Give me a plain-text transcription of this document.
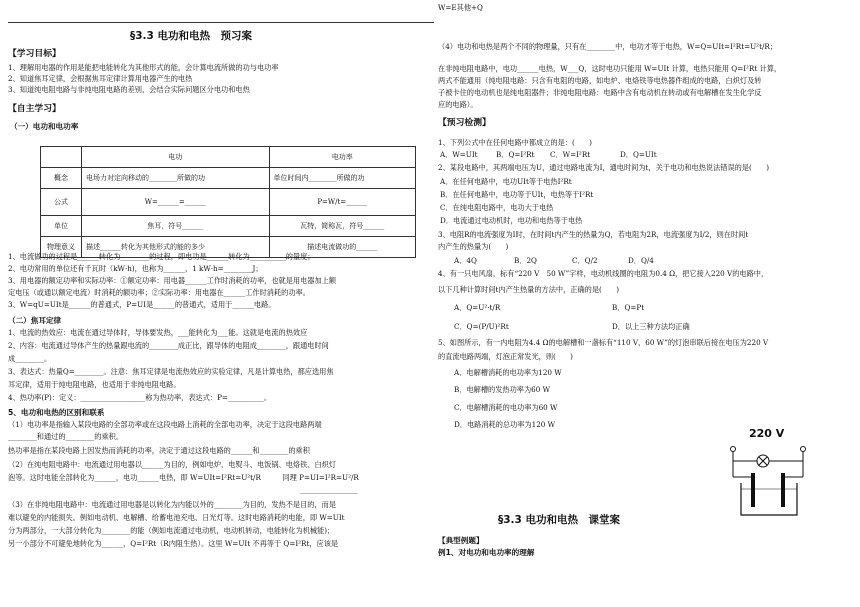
§3.3 电功和电热　预习案
【学习目标】
1、理解用电器的作用是能把电能转化为其他形式的能，会计算电流所做的功与电功率
2、知道焦耳定律，会根据焦耳定律计算用电器产生的电热
3、知道纯电阻电路与非纯电阻电路的差别，会结合实际问题区分电功和电热
【自主学习】
（一）电功和电功率
	电功	电功率
概念	电场力对定向移动的________所做的功	单位时间内________所做的功
公式	W=______=______	P=W/t=______
单位	焦耳，符号______	瓦特，简称瓦，符号______
物理意义	描述______转化为其他形式的能的多少	描述电流做功的______
1、电流做功的过程是______转化为________的过程，即电功是______转化为__________的量度；
2、电功常用的单位还有千瓦时（kW·h)，也称为______，1 kW·h=________J；
3、用电器的额定功率和实际功率：①额定功率：用电器______工作时消耗的功率，也就是用电器加上额
定电压（或通以额定电流）时消耗的额功率；②实际功率：用电器在______工作时消耗的功率。
3、W=qU=UIt是______的普通式，P=UI是______的普通式，适用于______电路。
（二）焦耳定律
1、电流的热效应：电流在通过导体时，导体要发热，___能转化为___能。这就是电流的热效应
2、内容：电流通过导体产生的热量跟电流的________成正比，跟导体的电阻成________，跟通电时间
成________。
3、表达式：热量Q=________。注意：焦耳定律是电流热效应的实验定律，凡是计算电热，都应选用焦
耳定律，适用于纯电阻电路，也适用于非纯电阻电路。
4、热功率(P)：定义：__________________称为热功率，表达式：P=__________。
5、电功和电热的区别和联系
（1）电功率是指输入某段电路的全部功率或在这段电路上消耗的全部电功率，决定于这段电路两端
________和通过的________的乘积。
热功率是指在某段电路上因发热而消耗的功率，决定于通过这段电路的______和________的乘积
（2）在纯电阻电路中：电流通过用电器以______为目的，例如电炉、电熨斗、电饭锅、电烙铁、白炽灯
泡等。这时电能全部转化为______，电功______电热，即 W=UIt=I²Rt=U²t/R　　　同理 P=UI=I²R=U²/R
________________
（3）在非纯电阻电路中：电流通过用电器是以转化为内能以外的________为目的，发热不是目的，而是
难以避免的内能损失。例如电动机、电解槽、给蓄电池充电、日光灯等。这时电路消耗的电能，即 W=UIt
分为两部分，一大部分转化为________的能（例如电流通过电动机，电动机转动，电能转化为机械能)；
另一小部分不可避免地转化为______，Q=I²Rt（R内阻生热）。这里 W=UIt 不再等于 Q=I²Rt，应该是
W=E其他+Q
（4）电功和电热是两个不同的物理量，只有在________中，电功才等于电热，W=Q=UIt=I²Rt=U²t/R；
在非纯电阻电路中，电功______电热，W___Q，这时电功只能用 W=UIt 计算，电热只能用 Q=I²Rt 计算，
两式不能通用（纯电阻电路：只含有电阻的电路，如电炉、电烙铁等电热器件组成的电路，白炽灯及转
子被卡住的电动机也是纯电阻器件；非纯电阻电路：电路中含有电动机在转动或有电解槽在发生化学反
应的电路）。
【预习检测】
1、下列公式中在任何电路中都成立的是：(　　)
A．W=UIt	B．Q=I²Rt C．W=I²Rt	D．Q=UIt
2、某段电路中，其两端电压为U，通过电路电流为I，通电时间为t，关于电功和电热说法错误的是(　　)
A．在任何电路中，电功UIt等于电热I²Rt
B．在任何电路中，电功等于UIt，电热等于I²Rt
C．在纯电阻电路中，电功大于电热
D．电流通过电动机时，电功和电热等于电热
3、电阻R的电流强度为I时，在时间t内产生的热量为Q，若电阻为2R，电流强度为I/2，则在时间t
内产生的热量为(　　)
A．4Q	B．2Q	C．Q/2	D．Q/4
4、有一只电风扇，标有“220 V　50 W”字样，电动机线圈的电阻为0.4 Ω，把它接入220 V的电路中，
以下几种计算时间t内产生热量的方法中，正确的是(　　)
A．Q=U²·t/R	B．Q=Pt
C．Q=(P/U)²Rt	D．以上三种方法均正确
5、如图所示，有一内电阻为4.4 Ω的电解槽和一盏标有“110 V，60 W”的灯泡串联后接在电压为220 V
的直流电路两端，灯泡正常发光，则(　　)
A．电解槽消耗的电功率为120 W
B．电解槽的发热功率为60 W
C．电解槽消耗的电功率为60 W
D．电路消耗的总功率为120 W
220 V
§3.3 电功和电热　课堂案
【典型例题】
例1、对电功和电功率的理解
